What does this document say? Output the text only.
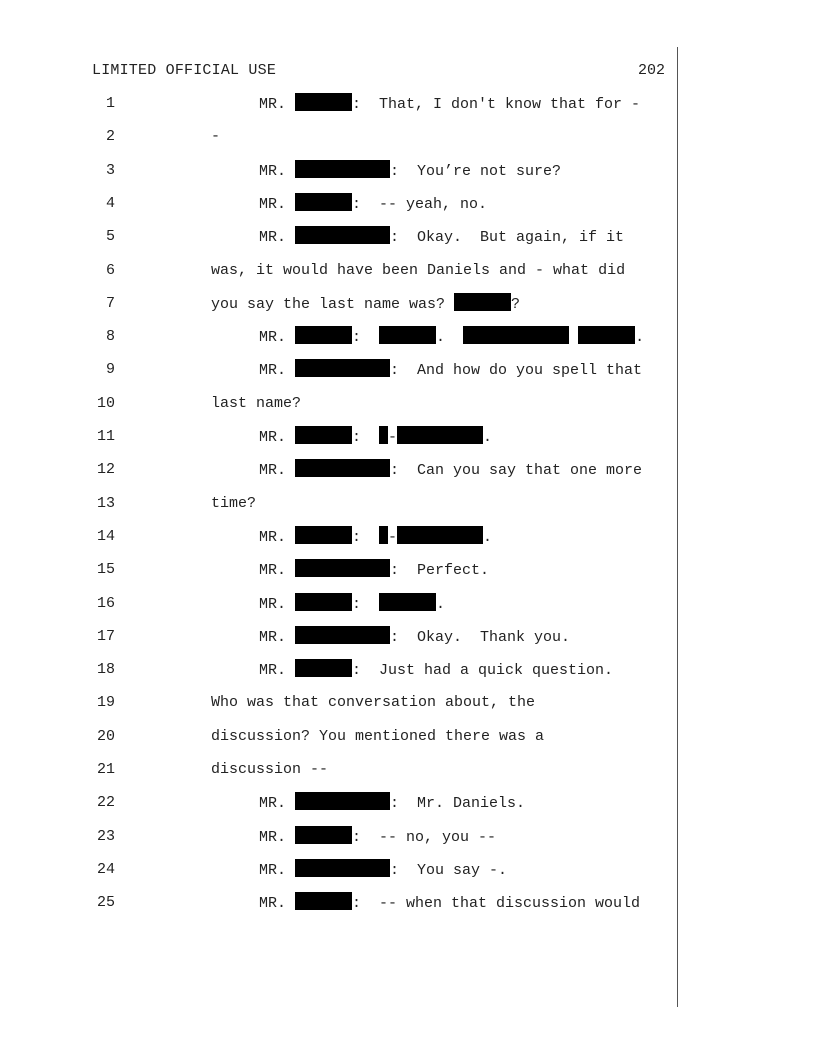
LIMITED OFFICIAL USE	202
1	MR.	:  That, I don't know that for -
2	-
3	MR.	:  You’re not sure?
4	MR.	:  -- yeah, no.
5	MR.	:  Okay.  But again, if it
6	was, it would have been Daniels and - what did
7	you say the last name was?	?
8	MR.	:	.	.
9	MR.	:  And how do you spell that
10	last name?
11	MR.	:  -	.
12	MR.	:  Can you say that one more
13	time?
14	MR.	:  -	.
15	MR.	:  Perfect.
16	MR.	:	.
17	MR.	:  Okay.  Thank you.
18	MR.	:  Just had a quick question.
19	Who was that conversation about, the
20	discussion? You mentioned there was a
21	discussion --
22	MR.	:  Mr. Daniels.
23	MR.	:  -- no, you --
24	MR.	:  You say -.
25	MR.	:  -- when that discussion would
